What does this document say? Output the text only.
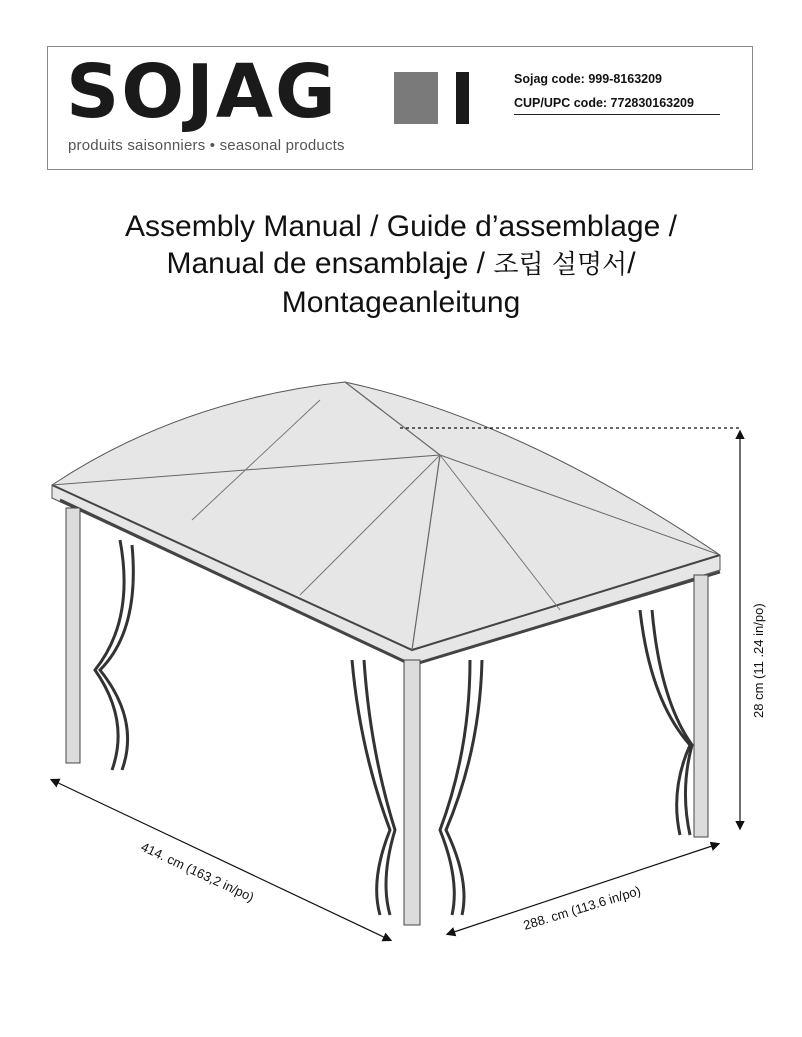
SOJAG
produits saisonniers • seasonal products
Sojag code: 999-8163209
CUP/UPC code: 772830163209
Assembly Manual / Guide d’assemblage /
Manual de ensamblaje / 조립 설명서/
Montageanleitung
414. cm (163,2 in/po)
288. cm (113.6 in/po)
28 cm (11 .24 in/po)
